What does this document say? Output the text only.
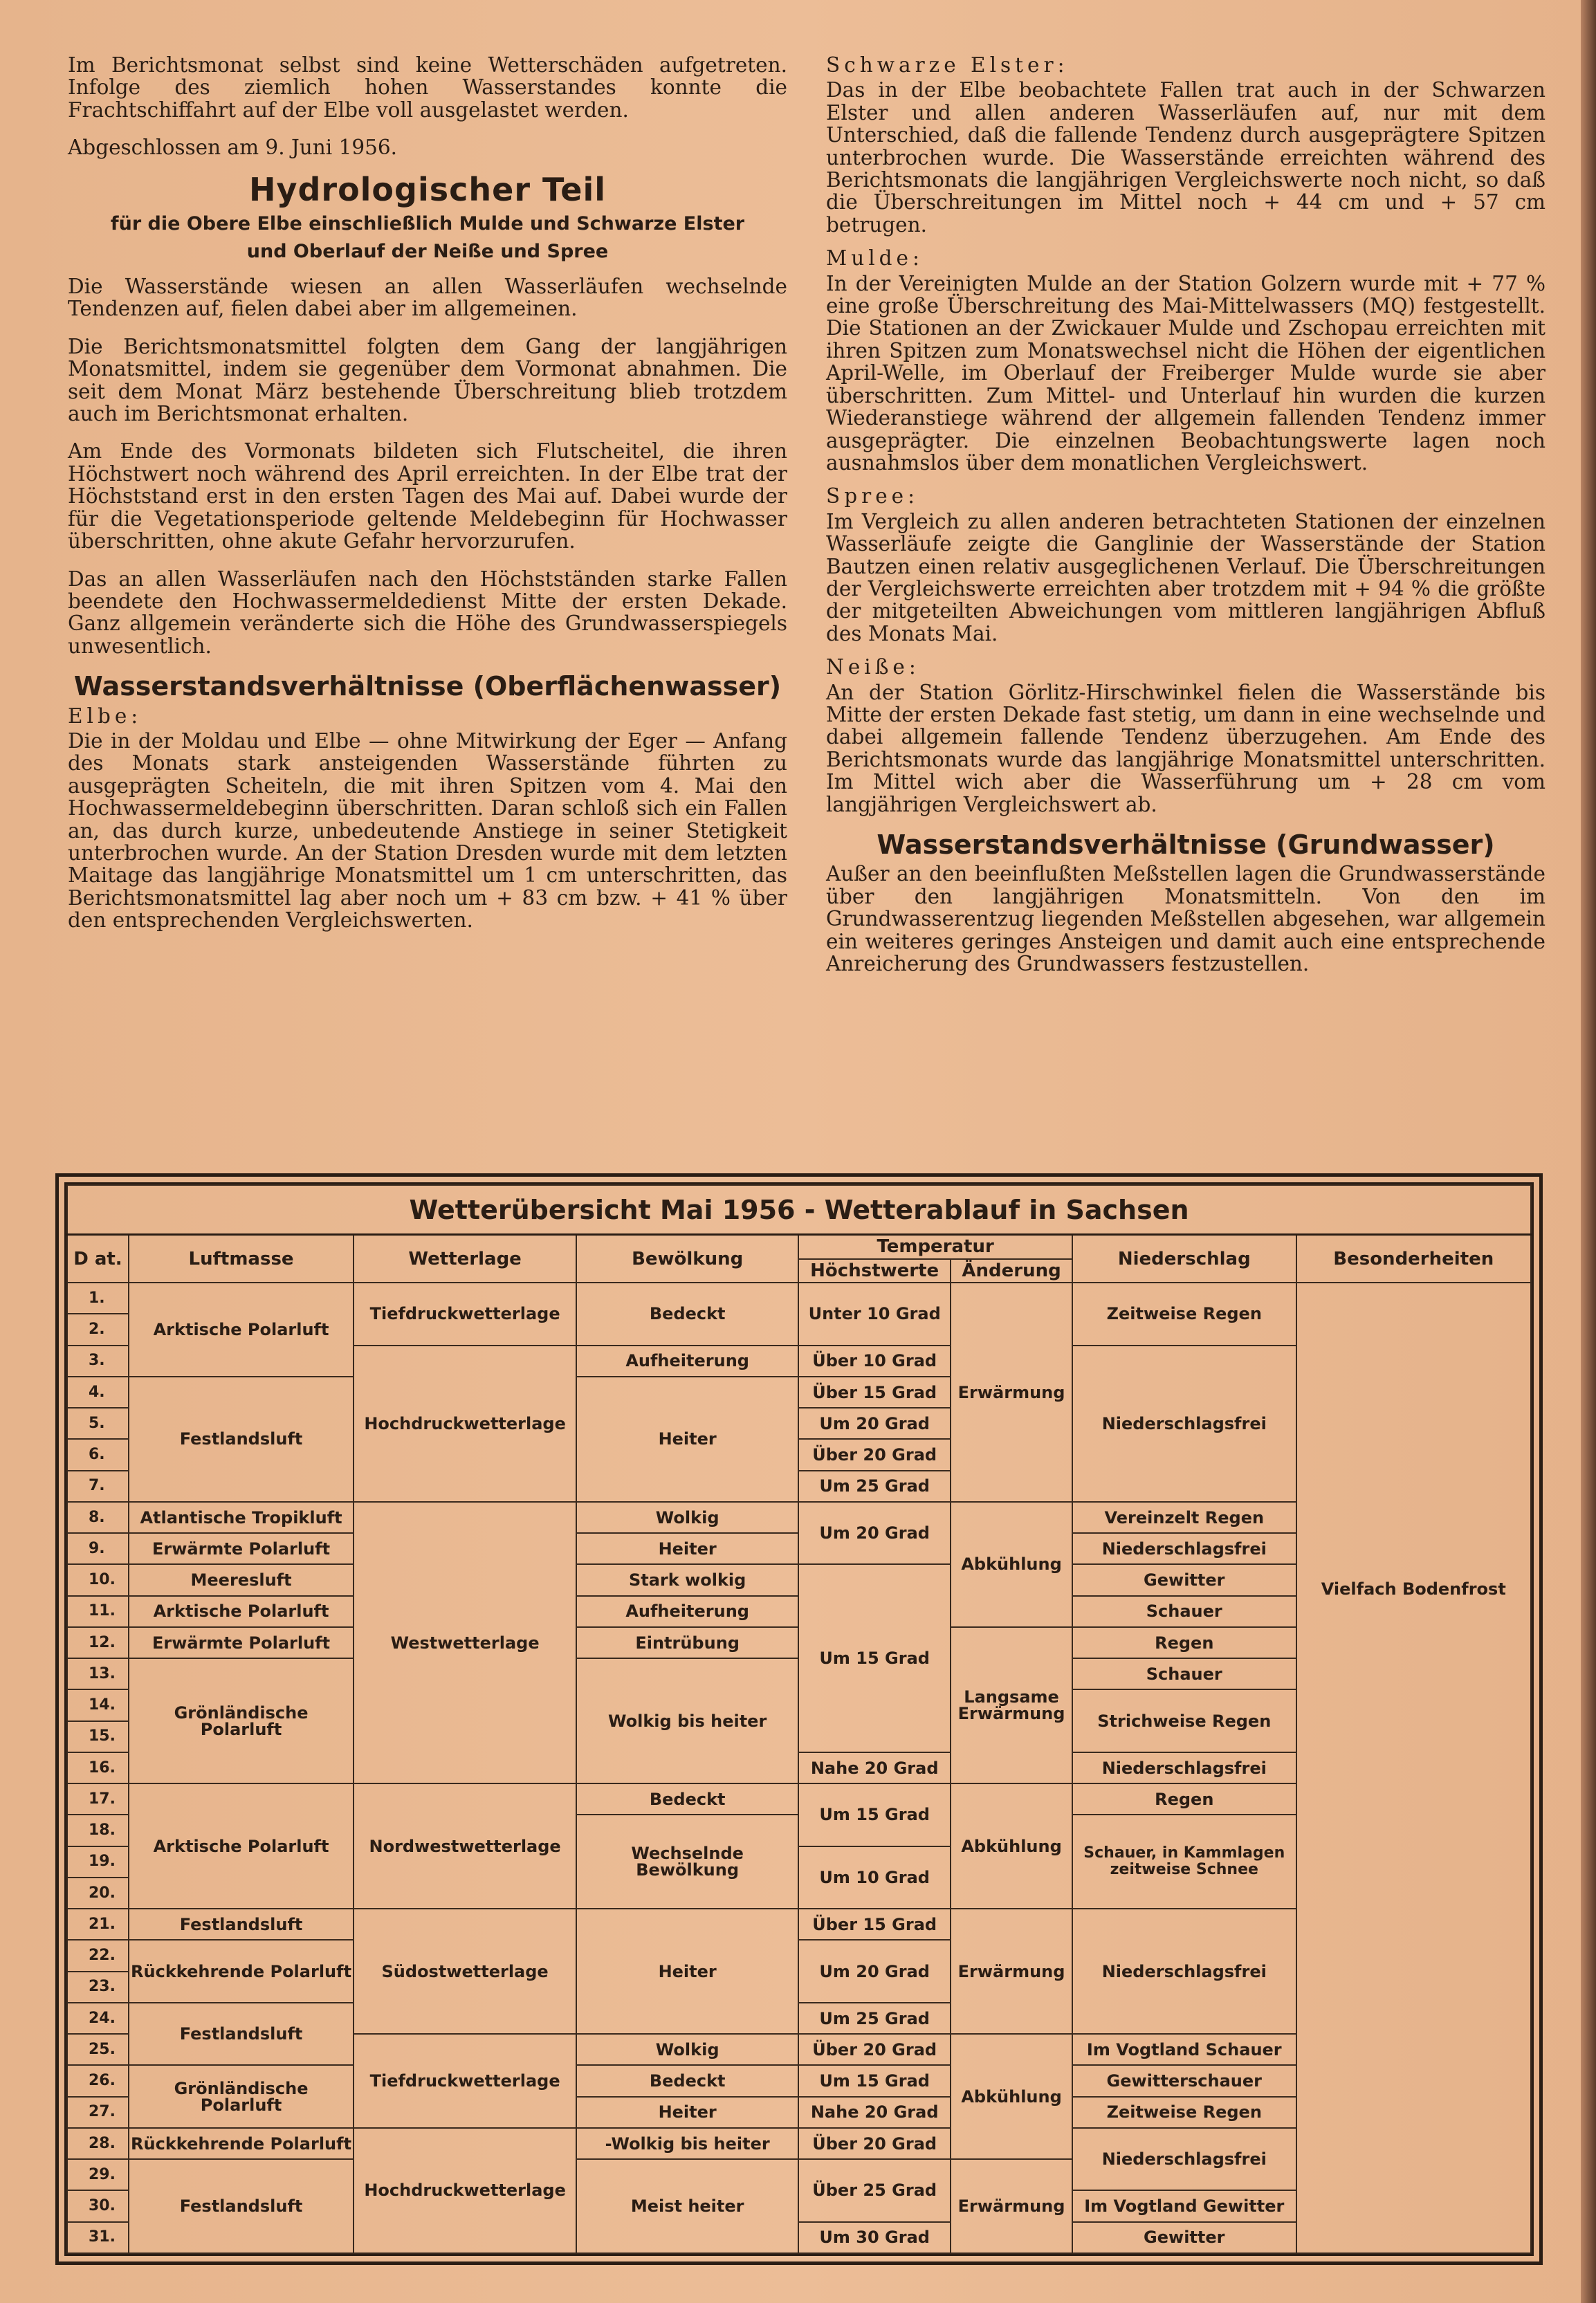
Im Berichtsmonat selbst sind keine Wetterschäden aufgetreten. Infolge des ziemlich hohen Wasserstandes konnte die Frachtschiffahrt auf der Elbe voll ausgelastet werden.

Abgeschlossen am 9. Juni 1956.

Hydrologischer Teil
für die Obere Elbe einschließlich Mulde und Schwarze Elster
und Oberlauf der Neiße und Spree

Die Wasserstände wiesen an allen Wasserläufen wechselnde Tendenzen auf, fielen dabei aber im allgemeinen.

Die Berichtsmonatsmittel folgten dem Gang der langjährigen Monatsmittel, indem sie gegenüber dem Vormonat abnahmen. Die seit dem Monat März bestehende Überschreitung blieb trotzdem auch im Berichtsmonat erhalten.

Am Ende des Vormonats bildeten sich Flutscheitel, die ihren Höchstwert noch während des April erreichten. In der Elbe trat der Höchststand erst in den ersten Tagen des Mai auf. Dabei wurde der für die Vegetationsperiode geltende Meldebeginn für Hochwasser überschritten, ohne akute Gefahr hervorzurufen.

Das an allen Wasserläufen nach den Höchstständen starke Fallen beendete den Hochwassermeldedienst Mitte der ersten Dekade. Ganz allgemein veränderte sich die Höhe des Grundwasserspiegels unwesentlich.

Wasserstandsverhältnisse (Oberflächenwasser)

Elbe:

Die in der Moldau und Elbe — ohne Mitwirkung der Eger — Anfang des Monats stark ansteigenden Wasserstände führten zu ausgeprägten Scheiteln, die mit ihren Spitzen vom 4. Mai den Hochwassermeldebeginn überschritten. Daran schloß sich ein Fallen an, das durch kurze, unbedeutende Anstiege in seiner Stetigkeit unterbrochen wurde. An der Station Dresden wurde mit dem letzten Maitage das langjährige Monatsmittel um 1 cm unterschritten, das Berichtsmonatsmittel lag aber noch um + 83 cm bzw. + 41 % über den entsprechenden Vergleichswerten.

Schwarze Elster:

Das in der Elbe beobachtete Fallen trat auch in der Schwarzen Elster und allen anderen Wasserläufen auf, nur mit dem Unterschied, daß die fallende Tendenz durch ausgeprägtere Spitzen unterbrochen wurde. Die Wasserstände erreichten während des Berichtsmonats die langjährigen Vergleichswerte noch nicht, so daß die Überschreitungen im Mittel noch + 44 cm und + 57 cm betrugen.

Mulde:

In der Vereinigten Mulde an der Station Golzern wurde mit + 77 % eine große Überschreitung des Mai-Mittelwassers (MQ) festgestellt. Die Stationen an der Zwickauer Mulde und Zschopau erreichten mit ihren Spitzen zum Monatswechsel nicht die Höhen der eigentlichen April-Welle, im Oberlauf der Freiberger Mulde wurde sie aber überschritten. Zum Mittel- und Unterlauf hin wurden die kurzen Wiederanstiege während der allgemein fallenden Tendenz immer ausgeprägter. Die einzelnen Beobachtungswerte lagen noch ausnahmslos über dem monatlichen Vergleichswert.

Spree:

Im Vergleich zu allen anderen betrachteten Stationen der einzelnen Wasserläufe zeigte die Ganglinie der Wasserstände der Station Bautzen einen relativ ausgeglichenen Verlauf. Die Überschreitungen der Vergleichswerte erreichten aber trotzdem mit + 94 % die größte der mitgeteilten Abweichungen vom mittleren langjährigen Abfluß des Monats Mai.

Neiße:

An der Station Görlitz-Hirschwinkel fielen die Wasserstände bis Mitte der ersten Dekade fast stetig, um dann in eine wechselnde und dabei allgemein fallende Tendenz überzugehen. Am Ende des Berichtsmonats wurde das langjährige Monatsmittel unterschritten. Im Mittel wich aber die Wasserführung um + 28 cm vom langjährigen Vergleichswert ab.

Wasserstandsverhältnisse (Grundwasser)

Außer an den beeinflußten Meßstellen lagen die Grundwasserstände über den langjährigen Monatsmitteln. Von den im Grundwasserentzug liegenden Meßstellen abgesehen, war allgemein ein weiteres geringes Ansteigen und damit auch eine entsprechende Anreicherung des Grundwassers festzustellen.

Wetterübersicht Mai 1956 - Wetterablauf in Sachsen							
D at.	Luftmasse	Wetterlage	Bewölkung	Temperatur		Niederschlag	Besonderheiten
				Höchstwerte	Änderung		
1.	Arktische Polarluft	Tiefdruckwetterlage	Bedeckt	Unter 10 Grad	Erwärmung	Zeitweise Regen	Vielfach Bodenfrost
2.							
3.		Hochdruckwetterlage	Aufheiterung	Über 10 Grad		Niederschlagsfrei	
4.	Festlandsluft		Heiter	Über 15 Grad			
5.				Um 20 Grad			
6.				Über 20 Grad			
7.				Um 25 Grad			
8.	Atlantische Tropikluft	Westwetterlage	Wolkig	Um 20 Grad	Abkühlung	Vereinzelt Regen	
9.	Erwärmte Polarluft		Heiter			Niederschlagsfrei	
10.	Meeresluft		Stark wolkig	Um 15 Grad		Gewitter	
11.	Arktische Polarluft		Aufheiterung			Schauer	
12.	Erwärmte Polarluft		Eintrübung		Langsame Erwärmung	Regen	
13.	Grönländische Polarluft		Wolkig bis heiter			Schauer	
14.						Strichweise Regen	
15.							
16.				Nahe 20 Grad		Niederschlagsfrei	
17.	Arktische Polarluft	Nordwestwetterlage	Bedeckt	Um 15 Grad	Abkühlung	Regen	
18.			Wechselnde Bewölkung			Schauer, in Kammlagen zeitweise Schnee	
19.				Um 10 Grad			
20.							
21.	Festlandsluft	Südostwetterlage	Heiter	Über 15 Grad	Erwärmung	Niederschlagsfrei	
22.	Rückkehrende Polarluft			Um 20 Grad			
23.							
24.	Festlandsluft			Um 25 Grad			
25.		Tiefdruckwetterlage	Wolkig	Über 20 Grad	Abkühlung	Im Vogtland Schauer	
26.	Grönländische Polarluft		Bedeckt	Um 15 Grad		Gewitterschauer	
27.			Heiter	Nahe 20 Grad		Zeitweise Regen	
28.	Rückkehrende Polarluft	Hochdruckwetterlage	-Wolkig bis heiter	Über 20 Grad		Niederschlagsfrei	
29.	Festlandsluft		Meist heiter	Über 25 Grad	Erwärmung		
30.						Im Vogtland Gewitter	
31.				Um 30 Grad		Gewitter	
